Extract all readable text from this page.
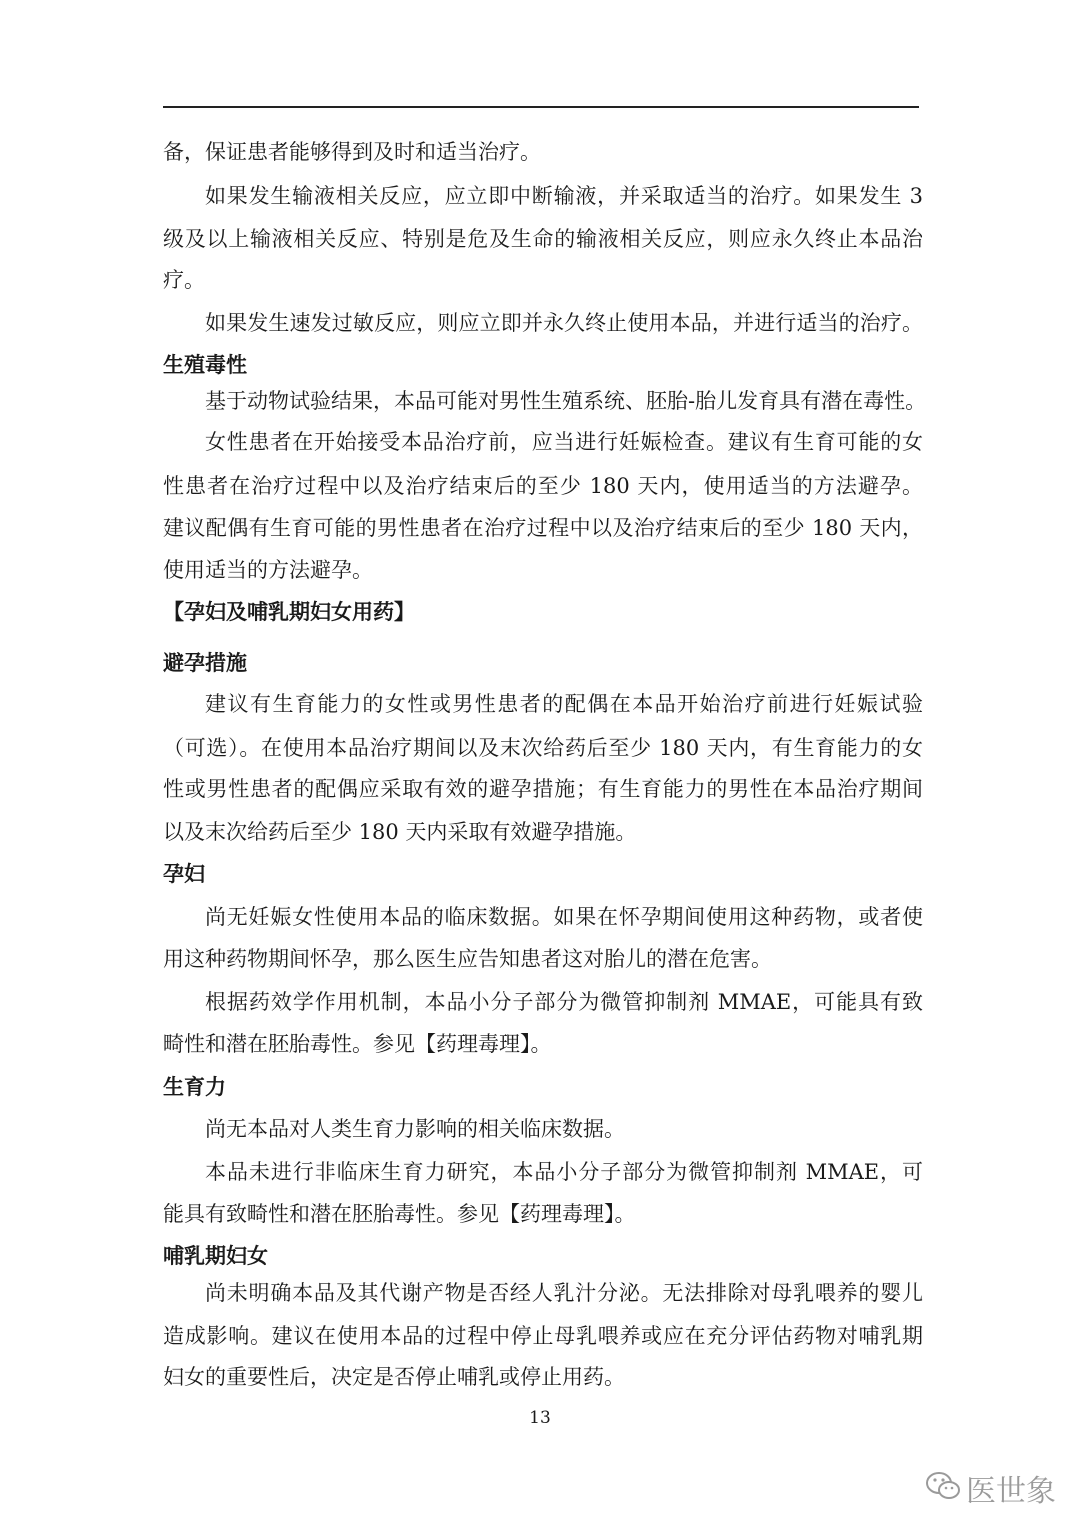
备，保证患者能够得到及时和适当治疗。
如果发生输液相关反应，应立即中断输液，并采取适当的治疗。如果发生 3
级及以上输液相关反应、特别是危及生命的输液相关反应，则应永久终止本品治
疗。
如果发生速发过敏反应，则应立即并永久终止使用本品，并进行适当的治疗。
生殖毒性
基于动物试验结果，本品可能对男性生殖系统、胚胎-胎儿发育具有潜在毒性。
女性患者在开始接受本品治疗前，应当进行妊娠检查。建议有生育可能的女
性患者在治疗过程中以及治疗结束后的至少 180 天内，使用适当的方法避孕。
建议配偶有生育可能的男性患者在治疗过程中以及治疗结束后的至少 180 天内，
使用适当的方法避孕。
【孕妇及哺乳期妇女用药】
避孕措施
建议有生育能力的女性或男性患者的配偶在本品开始治疗前进行妊娠试验
（可选）。在使用本品治疗期间以及末次给药后至少 180 天内，有生育能力的女
性或男性患者的配偶应采取有效的避孕措施；有生育能力的男性在本品治疗期间
以及末次给药后至少 180 天内采取有效避孕措施。
孕妇
尚无妊娠女性使用本品的临床数据。如果在怀孕期间使用这种药物，或者使
用这种药物期间怀孕，那么医生应告知患者这对胎儿的潜在危害。
根据药效学作用机制，本品小分子部分为微管抑制剂 MMAE，可能具有致
畸性和潜在胚胎毒性。参见【药理毒理】。
生育力
尚无本品对人类生育力影响的相关临床数据。
本品未进行非临床生育力研究，本品小分子部分为微管抑制剂 MMAE，可
能具有致畸性和潜在胚胎毒性。参见【药理毒理】。
哺乳期妇女
尚未明确本品及其代谢产物是否经人乳汁分泌。无法排除对母乳喂养的婴儿
造成影响。建议在使用本品的过程中停止母乳喂养或应在充分评估药物对哺乳期
妇女的重要性后，决定是否停止哺乳或停止用药。
13
医世象
